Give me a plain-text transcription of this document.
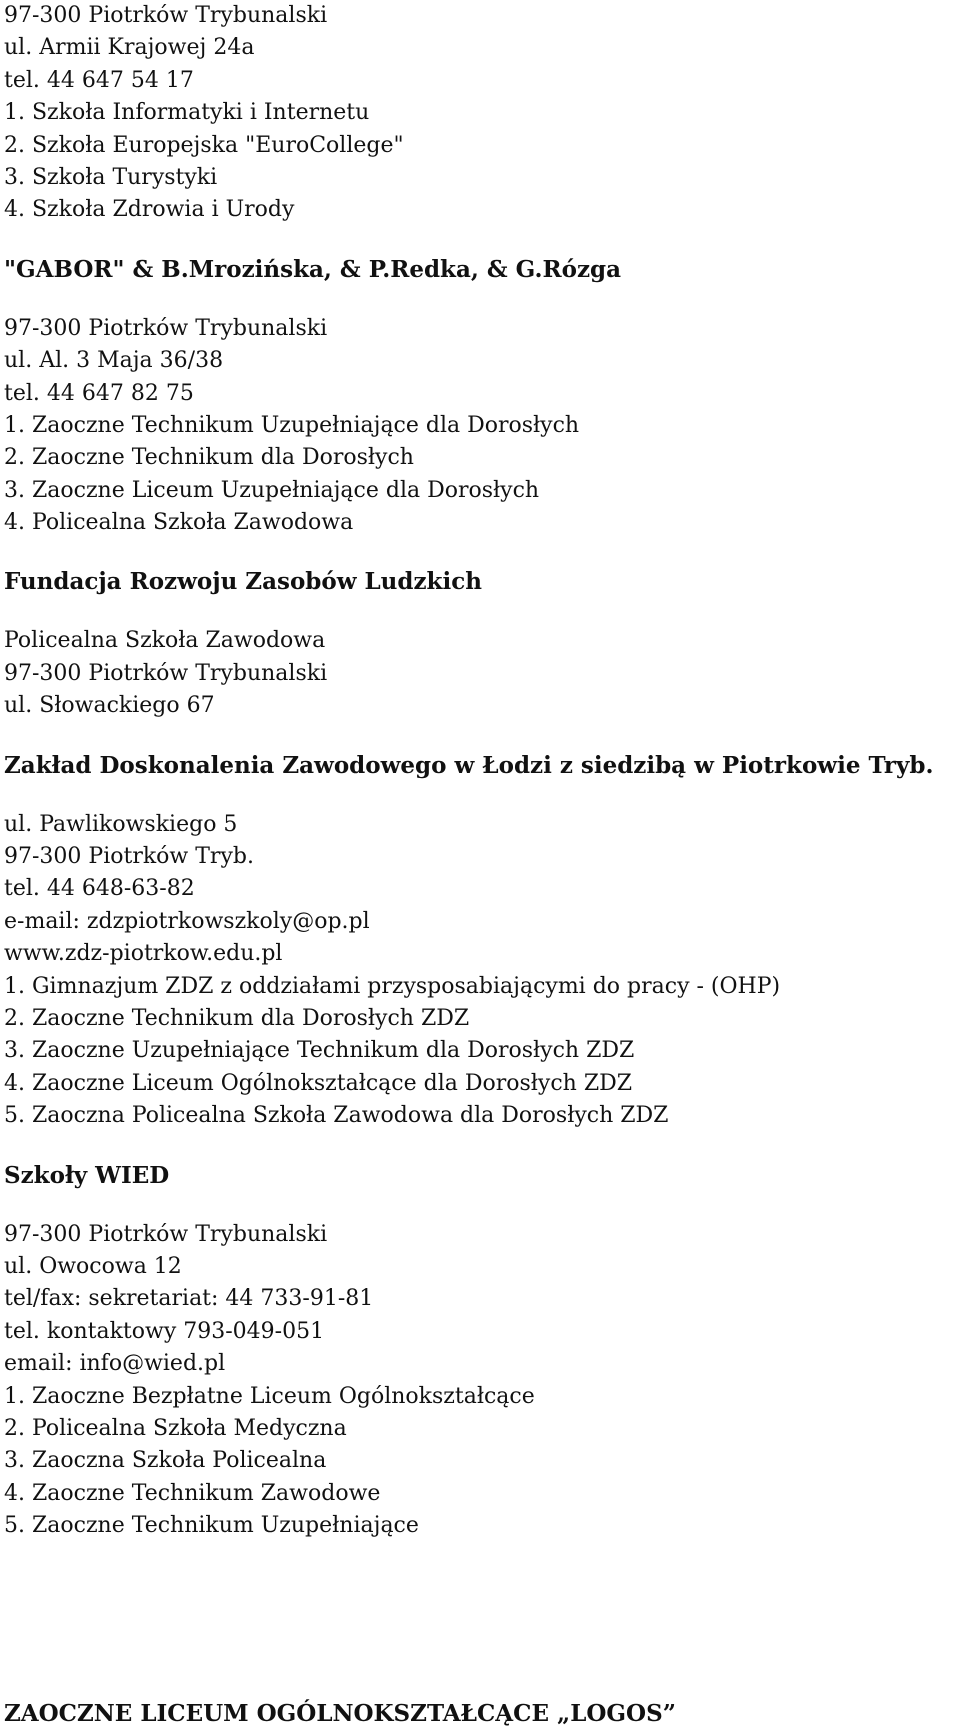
97-300 Piotrków Trybunalski
ul. Armii Krajowej 24a
tel. 44 647 54 17
1. Szkoła Informatyki i Internetu
2. Szkoła Europejska "EuroCollege"
3. Szkoła Turystyki
4. Szkoła Zdrowia i Urody
"GABOR" & B.Mrozińska, & P.Redka, & G.Rózga
97-300 Piotrków Trybunalski
ul. Al. 3 Maja 36/38
tel. 44 647 82 75
1. Zaoczne Technikum Uzupełniające dla Dorosłych
2. Zaoczne Technikum dla Dorosłych
3. Zaoczne Liceum Uzupełniające dla Dorosłych
4. Policealna Szkoła Zawodowa
Fundacja Rozwoju Zasobów Ludzkich
Policealna Szkoła Zawodowa
97-300 Piotrków Trybunalski
ul. Słowackiego 67
Zakład Doskonalenia Zawodowego w Łodzi z siedzibą w Piotrkowie Tryb.
ul. Pawlikowskiego 5
97-300 Piotrków Tryb.
tel. 44 648-63-82
e-mail: zdzpiotrkowszkoly@op.pl
www.zdz-piotrkow.edu.pl
1. Gimnazjum ZDZ z oddziałami przysposabiającymi do pracy - (OHP)
2. Zaoczne Technikum dla Dorosłych ZDZ
3. Zaoczne Uzupełniające Technikum dla Dorosłych ZDZ
4. Zaoczne Liceum Ogólnokształcące dla Dorosłych ZDZ
5. Zaoczna Policealna Szkoła Zawodowa dla Dorosłych ZDZ
Szkoły WIED
97-300 Piotrków Trybunalski
ul. Owocowa 12
tel/fax: sekretariat: 44 733-91-81
tel. kontaktowy 793-049-051
email: info@wied.pl
1. Zaoczne Bezpłatne Liceum Ogólnokształcące
2. Policealna Szkoła Medyczna
3. Zaoczna Szkoła Policealna
4. Zaoczne Technikum Zawodowe
5. Zaoczne Technikum Uzupełniające
ZAOCZNE LICEUM OGÓLNOKSZTAŁCĄCE „LOGOS”
